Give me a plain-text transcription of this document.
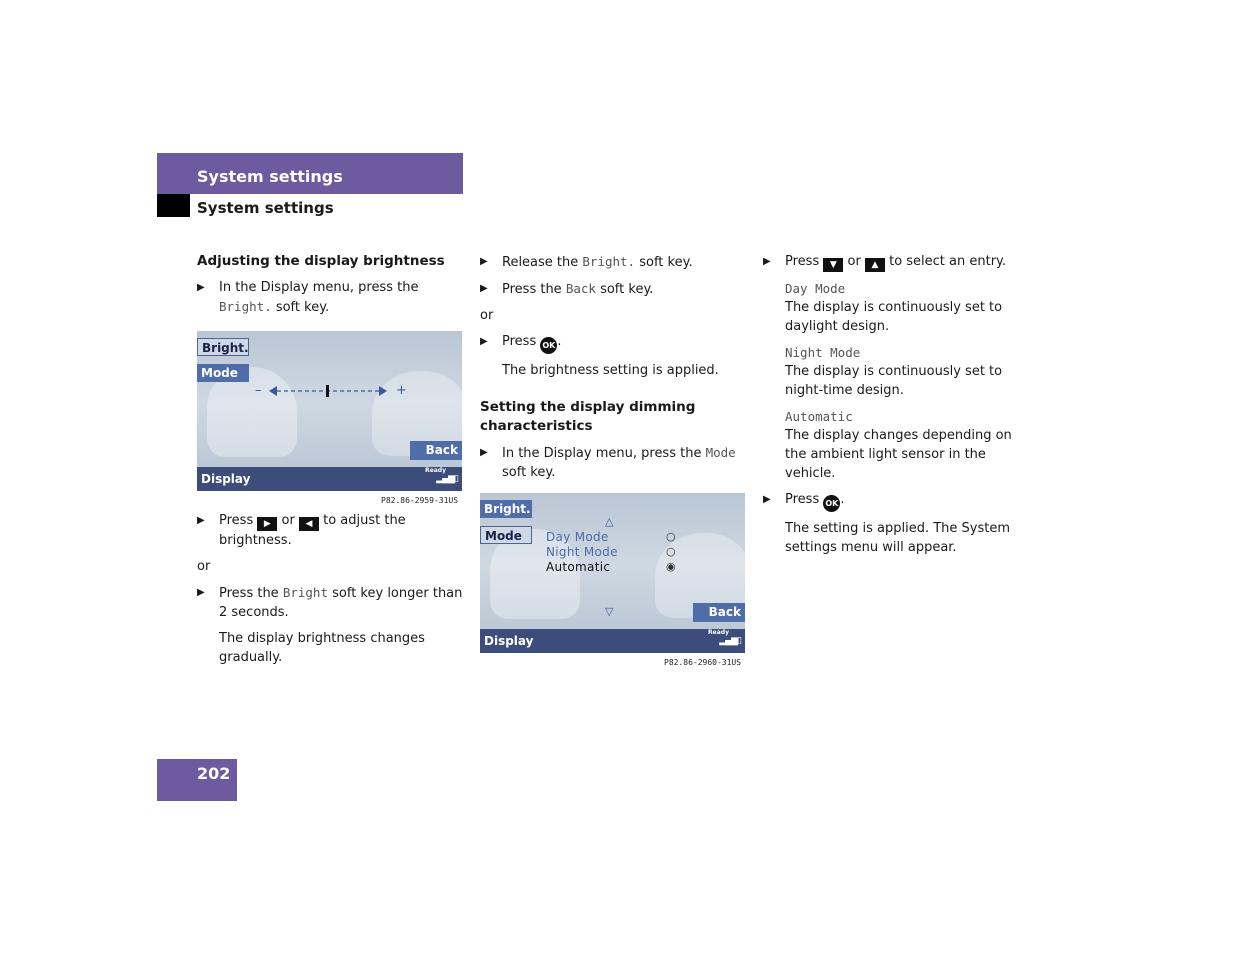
System settings
System settings
Adjusting the display brightness
▶ In the Display menu, press the Bright. soft key.
Bright.
Mode
–	+
Back
Display
Ready
▂▄▆▯
P82.86-2959-31US
▶ Press ▶ or ◀ to adjust the brightness.
or
▶ Press the Bright soft key longer than 2 seconds.
The display brightness changes gradually.
▶ Release the Bright. soft key.
▶ Press the Back soft key.
or
▶ Press OK .
The brightness setting is applied.
Setting the display dimming characteristics
▶ In the Display menu, press the Mode soft key.
Bright.
Mode
△
Day Mode
Night Mode
Automatic
○
○
◉
▽	Back
Display
Ready
▂▄▆▯
P82.86-2960-31US
▶ Press ▼ or ▲ to select an entry.
Day Mode
The display is continuously set to daylight design.
Night Mode
The display is continuously set to night-time design.
Automatic
The display changes depending on the ambient light sensor in the vehicle.
▶ Press OK .
The setting is applied. The System settings menu will appear.
202
